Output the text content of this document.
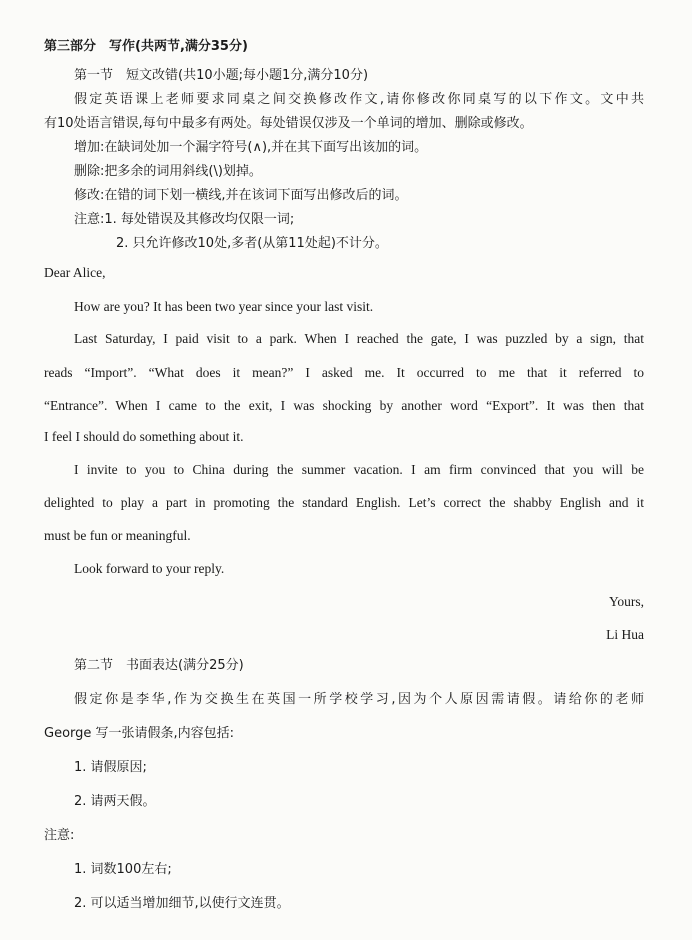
第三部分　写作(共两节,满分35分)
第一节　短文改错(共10小题;每小题1分,满分10分)
假定英语课上老师要求同桌之间交换修改作文,请你修改你同桌写的以下作文。文中共
有10处语言错误,每句中最多有两处。每处错误仅涉及一个单词的增加、删除或修改。
增加:在缺词处加一个漏字符号(∧),并在其下面写出该加的词。
删除:把多余的词用斜线(\)划掉。
修改:在错的词下划一横线,并在该词下面写出修改后的词。
注意:1. 每处错误及其修改均仅限一词;
2. 只允许修改10处,多者(从第11处起)不计分。
Dear Alice,
How are you? It has been two year since your last visit.
Last Saturday, I paid visit to a park. When I reached the gate, I was puzzled by a sign, that
reads “Import”. “What does it mean?” I asked me. It occurred to me that it referred to
“Entrance”. When I came to the exit, I was shocking by another word “Export”. It was then that
I feel I should do something about it.
I invite to you to China during the summer vacation. I am firm convinced that you will be
delighted to play a part in promoting the standard English. Let’s correct the shabby English and it
must be fun or meaningful.
Look forward to your reply.
Yours,
Li Hua
第二节　书面表达(满分25分)
假定你是李华,作为交换生在英国一所学校学习,因为个人原因需请假。请给你的老师
George 写一张请假条,内容包括:
1. 请假原因;
2. 请两天假。
注意:
1. 词数100左右;
2. 可以适当增加细节,以使行文连贯。
